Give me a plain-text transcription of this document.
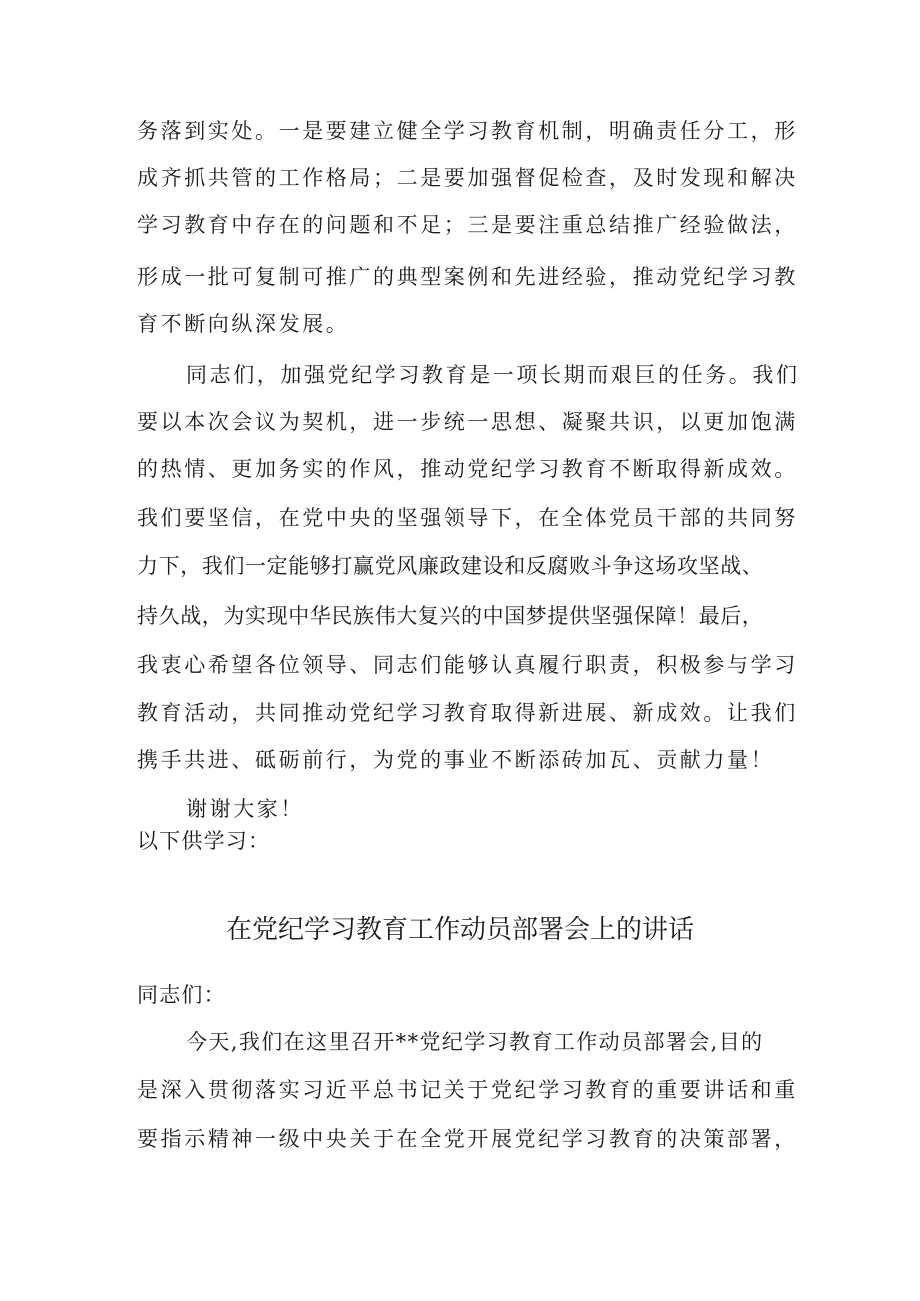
务落到实处。一是要建立健全学习教育机制，明确责任分工，形
成齐抓共管的工作格局；二是要加强督促检查，及时发现和解决
学习教育中存在的问题和不足；三是要注重总结推广经验做法，
形成一批可复制可推广的典型案例和先进经验，推动党纪学习教
育不断向纵深发展。
同志们，加强党纪学习教育是一项长期而艰巨的任务。我们
要以本次会议为契机，进一步统一思想、凝聚共识，以更加饱满
的热情、更加务实的作风，推动党纪学习教育不断取得新成效。
我们要坚信，在党中央的坚强领导下，在全体党员干部的共同努
力下，我们一定能够打赢党风廉政建设和反腐败斗争这场攻坚战、
持久战，为实现中华民族伟大复兴的中国梦提供坚强保障！最后，
我衷心希望各位领导、同志们能够认真履行职责，积极参与学习
教育活动，共同推动党纪学习教育取得新进展、新成效。让我们
携手共进、砥砺前行，为党的事业不断添砖加瓦、贡献力量！
谢谢大家！
以下供学习：
在党纪学习教育工作动员部署会上的讲话
同志们：
今天,我们在这里召开**党纪学习教育工作动员部署会,目的
是深入贯彻落实习近平总书记关于党纪学习教育的重要讲话和重
要指示精神一级中央关于在全党开展党纪学习教育的决策部署，
